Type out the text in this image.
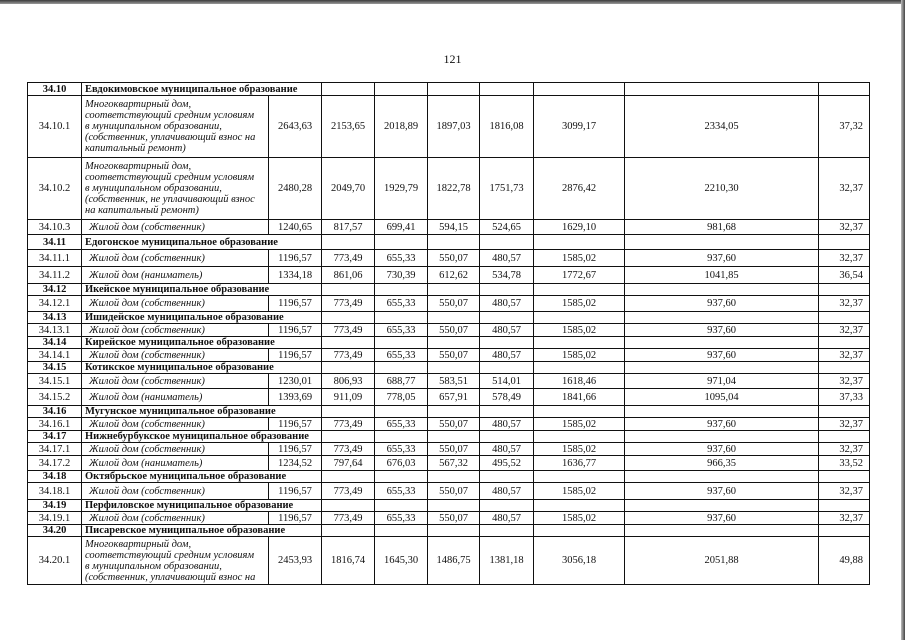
121
34.10	Евдокимовское муниципальное образование								
34.10.1	Многоквартирный дом,
соответствующий средним условиям
в муниципальном образовании,
(собственник, уплачивающий взнос на
капитальный ремонт)	2643,63	2153,65	2018,89	1897,03	1816,08	3099,17	2334,05	37,32
34.10.2	Многоквартирный дом,
соответствующий средним условиям
в муниципальном образовании,
(собственник, не уплачивающий взнос
на капитальный ремонт)	2480,28	2049,70	1929,79	1822,78	1751,73	2876,42	2210,30	32,37
34.10.3	Жилой дом (собственник)	1240,65	817,57	699,41	594,15	524,65	1629,10	981,68	32,37
34.11	Едогонское муниципальное образование								
34.11.1	Жилой дом (собственник)	1196,57	773,49	655,33	550,07	480,57	1585,02	937,60	32,37
34.11.2	Жилой дом (наниматель)	1334,18	861,06	730,39	612,62	534,78	1772,67	1041,85	36,54
34.12	Икейское муниципальное образование								
34.12.1	Жилой дом (собственник)	1196,57	773,49	655,33	550,07	480,57	1585,02	937,60	32,37
34.13	Ишидейское муниципальное образование								
34.13.1	Жилой дом (собственник)	1196,57	773,49	655,33	550,07	480,57	1585,02	937,60	32,37
34.14	Кирейское муниципальное образование								
34.14.1	Жилой дом (собственник)	1196,57	773,49	655,33	550,07	480,57	1585,02	937,60	32,37
34.15	Котикское муниципальное образование								
34.15.1	Жилой дом (собственник)	1230,01	806,93	688,77	583,51	514,01	1618,46	971,04	32,37
34.15.2	Жилой дом (наниматель)	1393,69	911,09	778,05	657,91	578,49	1841,66	1095,04	37,33
34.16	Мугунское муниципальное образование								
34.16.1	Жилой дом (собственник)	1196,57	773,49	655,33	550,07	480,57	1585,02	937,60	32,37
34.17	Нижнебурбукское муниципальное образование								
34.17.1	Жилой дом (собственник)	1196,57	773,49	655,33	550,07	480,57	1585,02	937,60	32,37
34.17.2	Жилой дом (наниматель)	1234,52	797,64	676,03	567,32	495,52	1636,77	966,35	33,52
34.18	Октябрьское муниципальное образование								
34.18.1	Жилой дом (собственник)	1196,57	773,49	655,33	550,07	480,57	1585,02	937,60	32,37
34.19	Перфиловское муниципальное образование								
34.19.1	Жилой дом (собственник)	1196,57	773,49	655,33	550,07	480,57	1585,02	937,60	32,37
34.20	Писаревское муниципальное образование								
34.20.1	Многоквартирный дом,
соответствующий средним условиям
в муниципальном образовании,
(собственник, уплачивающий взнос на	2453,93	1816,74	1645,30	1486,75	1381,18	3056,18	2051,88	49,88
